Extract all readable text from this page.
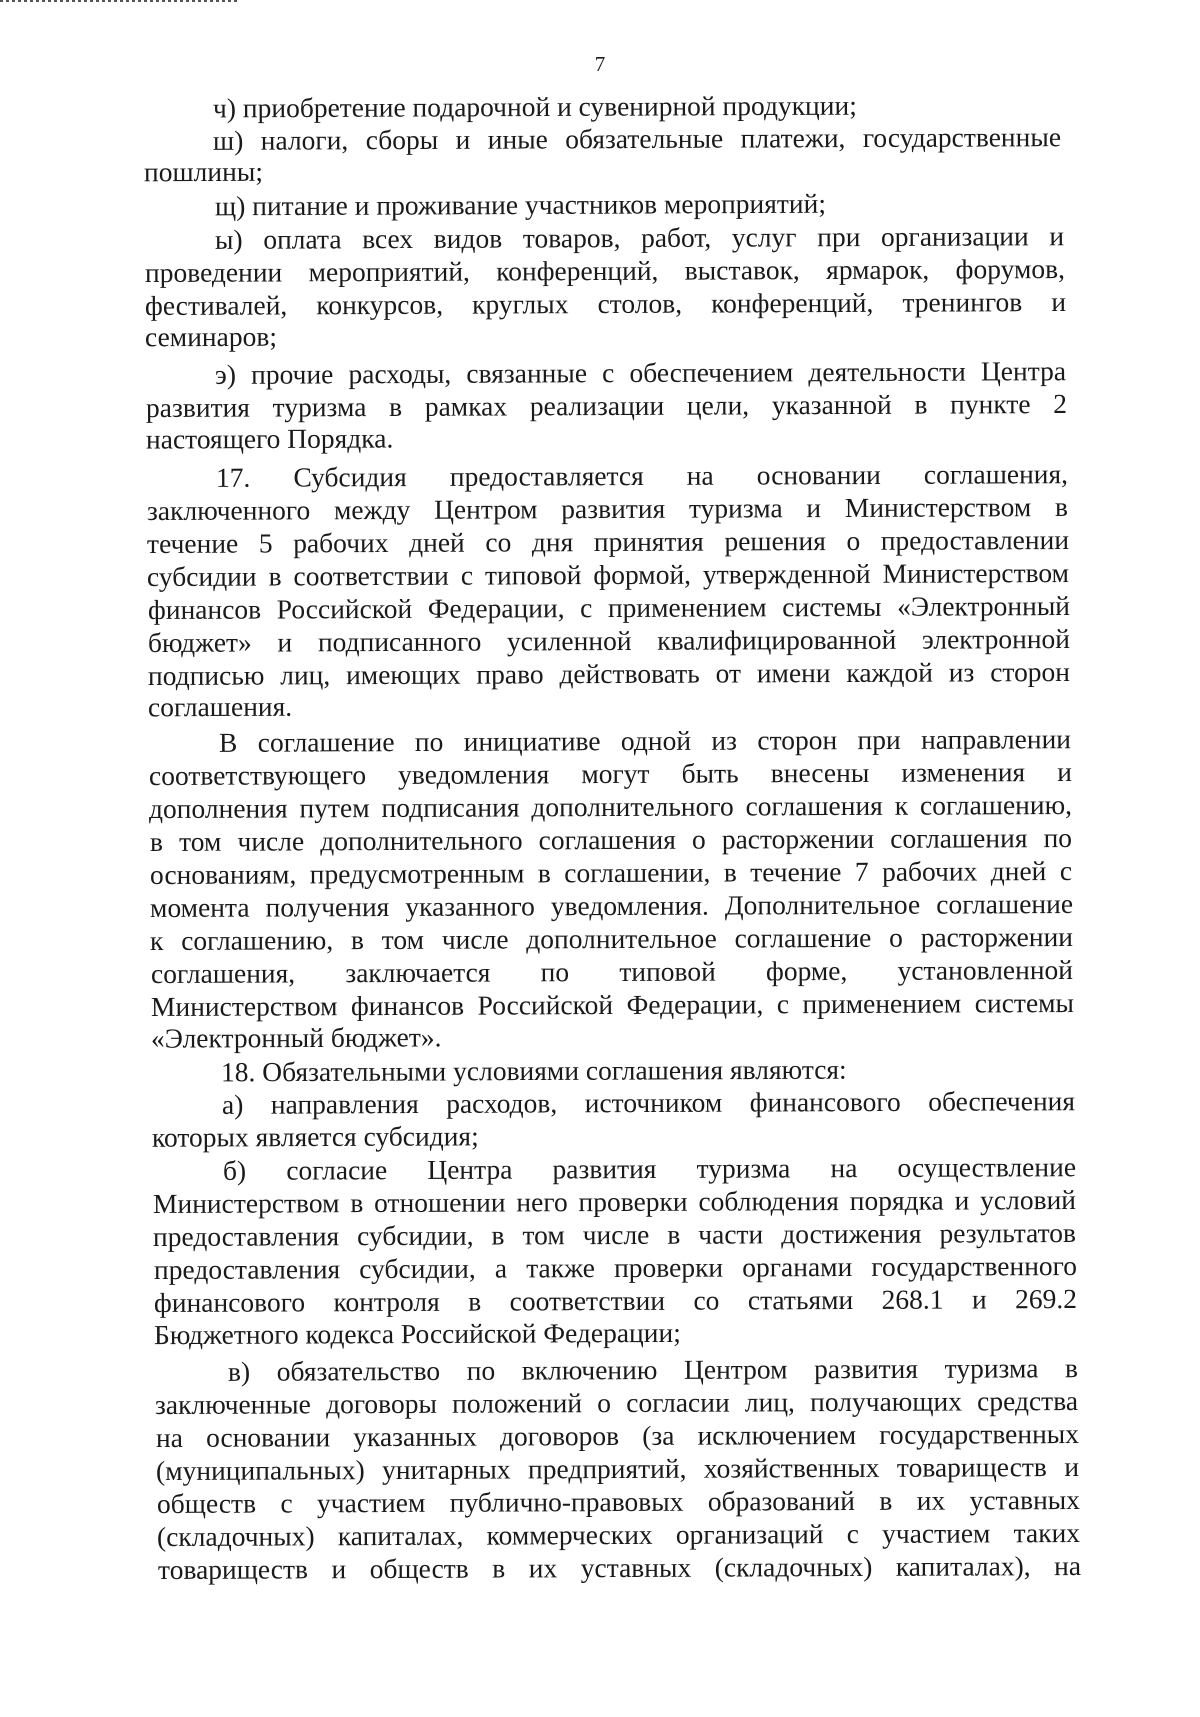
7
ч) приобретение подарочной и сувенирной продукции;
ш) налоги, сборы и иные обязательные платежи, государственные
пошлины;
щ) питание и проживание участников мероприятий;
ы) оплата всех видов товаров, работ, услуг при организации и
проведении мероприятий, конференций, выставок, ярмарок, форумов,
фестивалей, конкурсов, круглых столов, конференций, тренингов и
семинаров;
э) прочие расходы, связанные с обеспечением деятельности Центра
развития туризма в рамках реализации цели, указанной в пункте 2
настоящего Порядка.
17. Субсидия предоставляется на основании соглашения,
заключенного между Центром развития туризма и Министерством в
течение 5 рабочих дней со дня принятия решения о предоставлении
субсидии в соответствии с типовой формой, утвержденной Министерством
финансов Российской Федерации, с применением системы «Электронный
бюджет» и подписанного усиленной квалифицированной электронной
подписью лиц, имеющих право действовать от имени каждой из сторон
соглашения.
В соглашение по инициативе одной из сторон при направлении
соответствующего уведомления могут быть внесены изменения и
дополнения путем подписания дополнительного соглашения к соглашению,
в том числе дополнительного соглашения о расторжении соглашения по
основаниям, предусмотренным в соглашении, в течение 7 рабочих дней с
момента получения указанного уведомления. Дополнительное соглашение
к соглашению, в том числе дополнительное соглашение о расторжении
соглашения, заключается по типовой форме, установленной
Министерством финансов Российской Федерации, с применением системы
«Электронный бюджет».
18. Обязательными условиями соглашения являются:
а) направления расходов, источником финансового обеспечения
которых является субсидия;
б) согласие Центра развития туризма на осуществление
Министерством в отношении него проверки соблюдения порядка и условий
предоставления субсидии, в том числе в части достижения результатов
предоставления субсидии, а также проверки органами государственного
финансового контроля в соответствии со статьями 268.1 и 269.2
Бюджетного кодекса Российской Федерации;
в) обязательство по включению Центром развития туризма в
заключенные договоры положений о согласии лиц, получающих средства
на основании указанных договоров (за исключением государственных
(муниципальных) унитарных предприятий, хозяйственных товариществ и
обществ с участием публично-правовых образований в их уставных
(складочных) капиталах, коммерческих организаций с участием таких
товариществ и обществ в их уставных (складочных) капиталах), на
